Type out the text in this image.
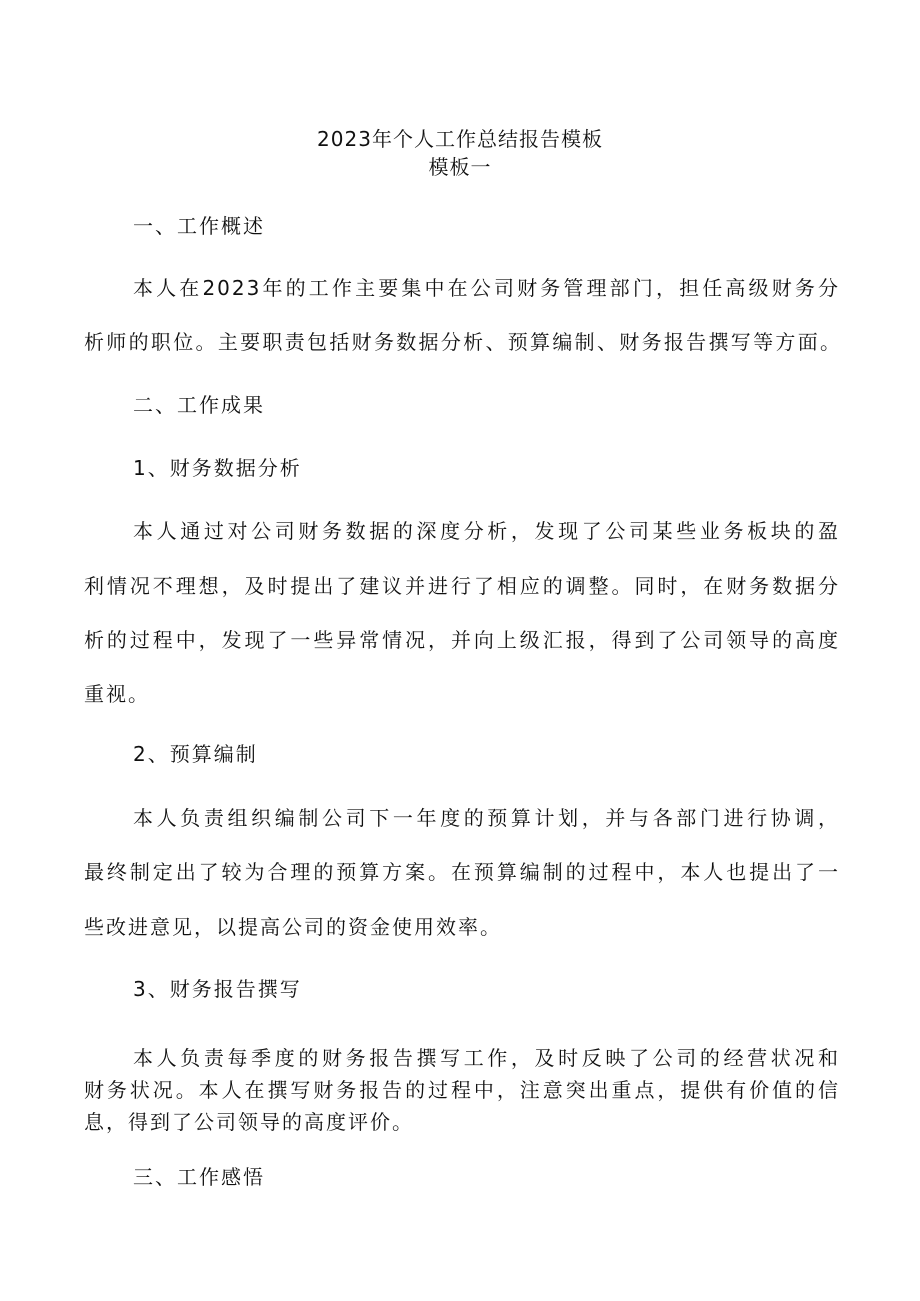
2023年个人工作总结报告模板
模板一
一、工作概述
本人在2023年的工作主要集中在公司财务管理部门，担任高级财务分
析师的职位。主要职责包括财务数据分析、预算编制、财务报告撰写等方面。
二、工作成果
1、财务数据分析
本人通过对公司财务数据的深度分析，发现了公司某些业务板块的盈
利情况不理想，及时提出了建议并进行了相应的调整。同时，在财务数据分
析的过程中，发现了一些异常情况，并向上级汇报，得到了公司领导的高度
重视。
2、预算编制
本人负责组织编制公司下一年度的预算计划，并与各部门进行协调，
最终制定出了较为合理的预算方案。在预算编制的过程中，本人也提出了一
些改进意见，以提高公司的资金使用效率。
3、财务报告撰写
本人负责每季度的财务报告撰写工作，及时反映了公司的经营状况和
财务状况。本人在撰写财务报告的过程中，注意突出重点，提供有价值的信
息，得到了公司领导的高度评价。
三、工作感悟
